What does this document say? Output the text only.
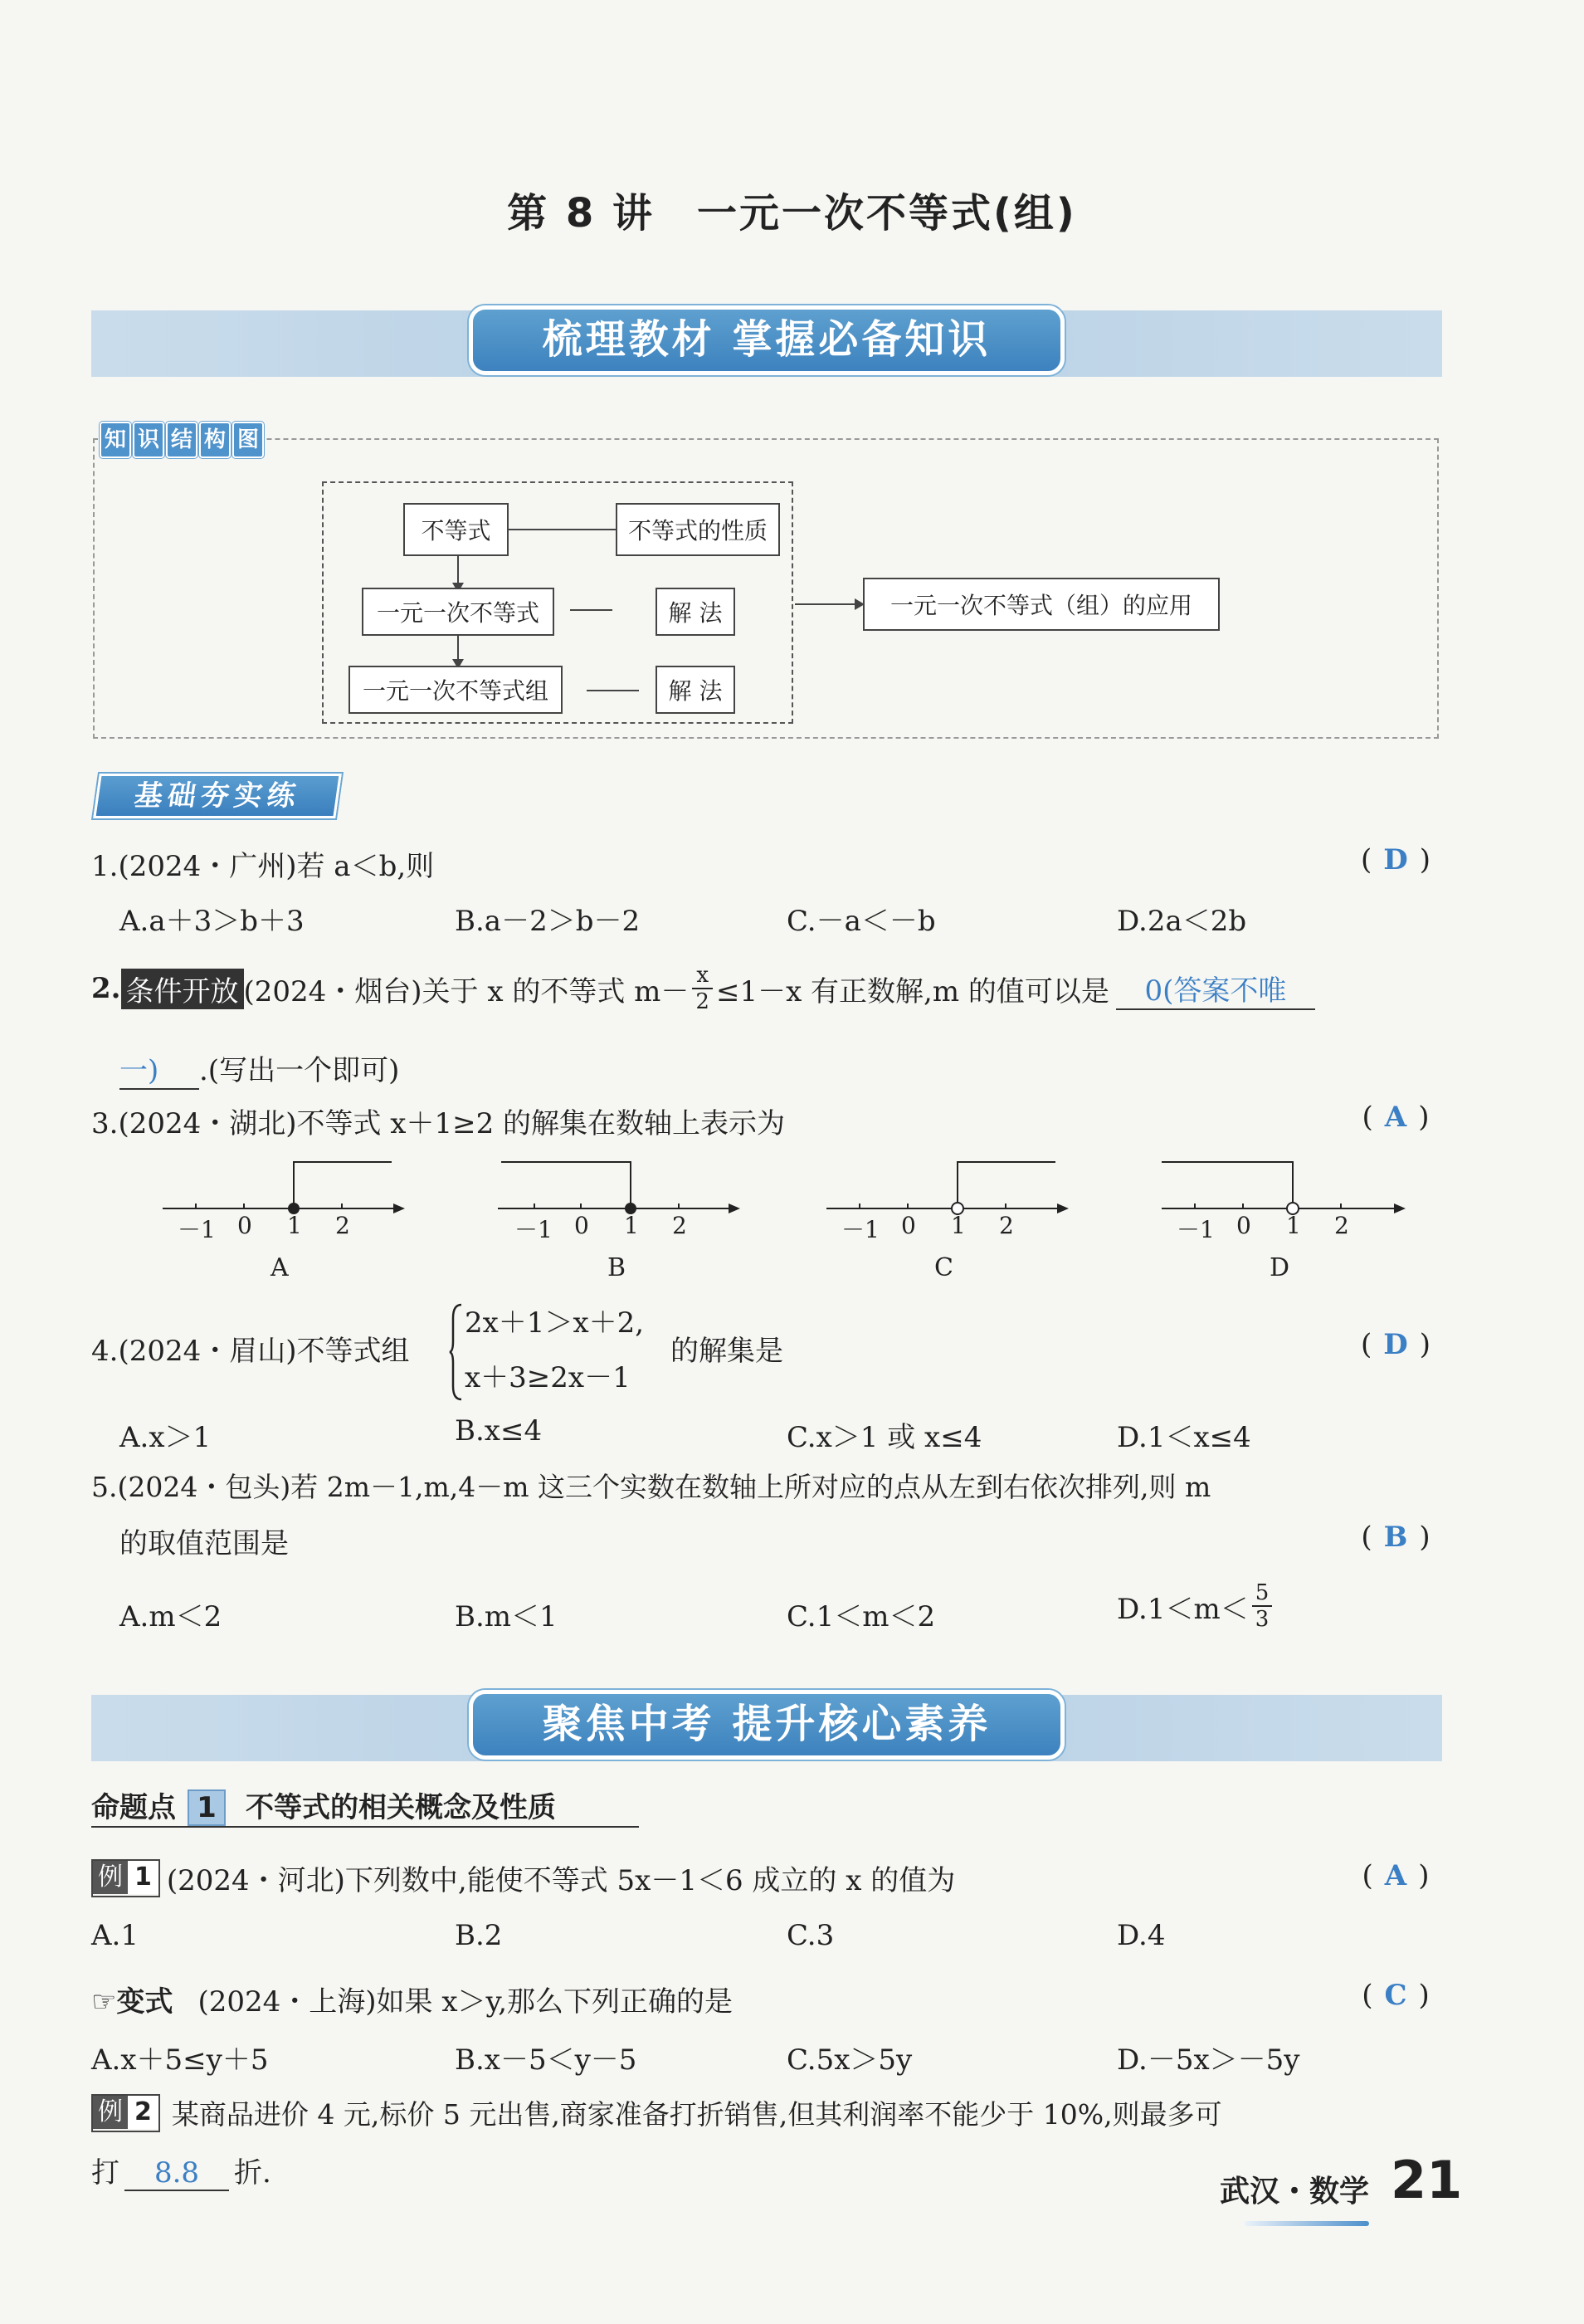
第 8 讲　一元一次不等式(组)
梳理教材 掌握必备知识
知 识 结 构 图
不等式	不等式的性质
一元一次不等式	解 法
一元一次不等式组	解 法
一元一次不等式（组）的应用
基础夯实练
1.(2024・广州)若 a＜b,则	( D )
A.a＋3＞b＋3	B.a－2＞b－2	C.－a＜－b	D.2a＜2b
2. 条件开放 (2024・烟台)关于 x 的不等式 $m- \frac{x}{2} \le 1-x$ 有正数解,m 的值可以是	0(答案不唯
一) .(写出一个即可)
3.(2024・湖北)不等式 x＋1≥2 的解集在数轴上表示为	( A )
－1 0 1 2
A
－1 0 1 2
B
－1 0 1 2
C
－1 0 1 2
D
4.(2024・眉山)不等式组
2x＋1＞x＋2,
x＋3≥2x－1
的解集是	( D )
A.x＞1	B.x≤4	C.x＞1 或 x≤4	D.1＜x≤4
5.(2024・包头)若 2m－1,m,4－m 这三个实数在数轴上所对应的点从左到右依次排列,则 m
的取值范围是	( B )
A.m＜2	B.m＜1	C.1＜m＜2	$D.1<m< \frac{5}{3}$
聚焦中考 提升核心素养
命题点 1 不等式的相关概念及性质
例 1 (2024・河北)下列数中,能使不等式 5x－1＜6 成立的 x 的值为	( A )
A.1	B.2	C.3	D.4
☞变式 (2024・上海)如果 x＞y,那么下列正确的是	( C )
A.x＋5≤y＋5	B.x－5＜y－5	C.5x＞5y	D.－5x＞－5y
例 2 某商品进价 4 元,标价 5 元出售,商家准备打折销售,但其利润率不能少于 10%,则最多可
打 8.8 折.
武汉・数学 21
